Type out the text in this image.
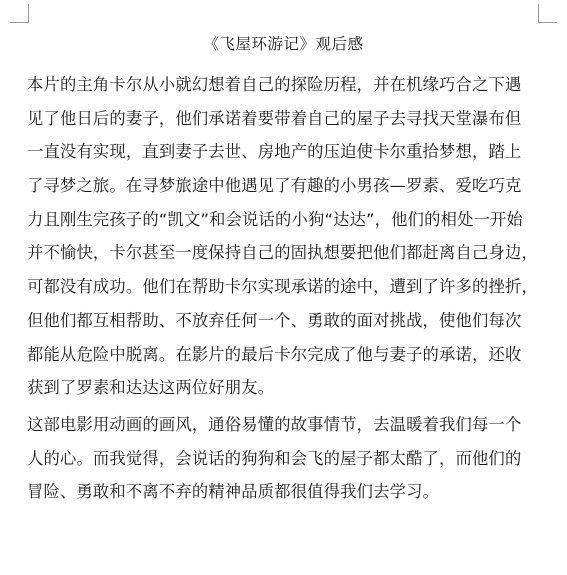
《飞屋环游记》观后感
本片的主角卡尔从小就幻想着自己的探险历程，并在机缘巧合之下遇
见了他日后的妻子，他们承诺着要带着自己的屋子去寻找天堂瀑布但
一直没有实现，直到妻子去世、房地产的压迫使卡尔重拾梦想，踏上
了寻梦之旅。在寻梦旅途中他遇见了有趣的小男孩—罗素、爱吃巧克
力且刚生完孩子的“凯文”和会说话的小狗“达达”，他们的相处一开始
并不愉快，卡尔甚至一度保持自己的固执想要把他们都赶离自己身边，
可都没有成功。他们在帮助卡尔实现承诺的途中，遭到了许多的挫折，
但他们都互相帮助、不放弃任何一个、勇敢的面对挑战，使他们每次
都能从危险中脱离。在影片的最后卡尔完成了他与妻子的承诺，还收
获到了罗素和达达这两位好朋友。
这部电影用动画的画风，通俗易懂的故事情节，去温暖着我们每一个
人的心。而我觉得，会说话的狗狗和会飞的屋子都太酷了，而他们的
冒险、勇敢和不离不弃的精神品质都很值得我们去学习。
